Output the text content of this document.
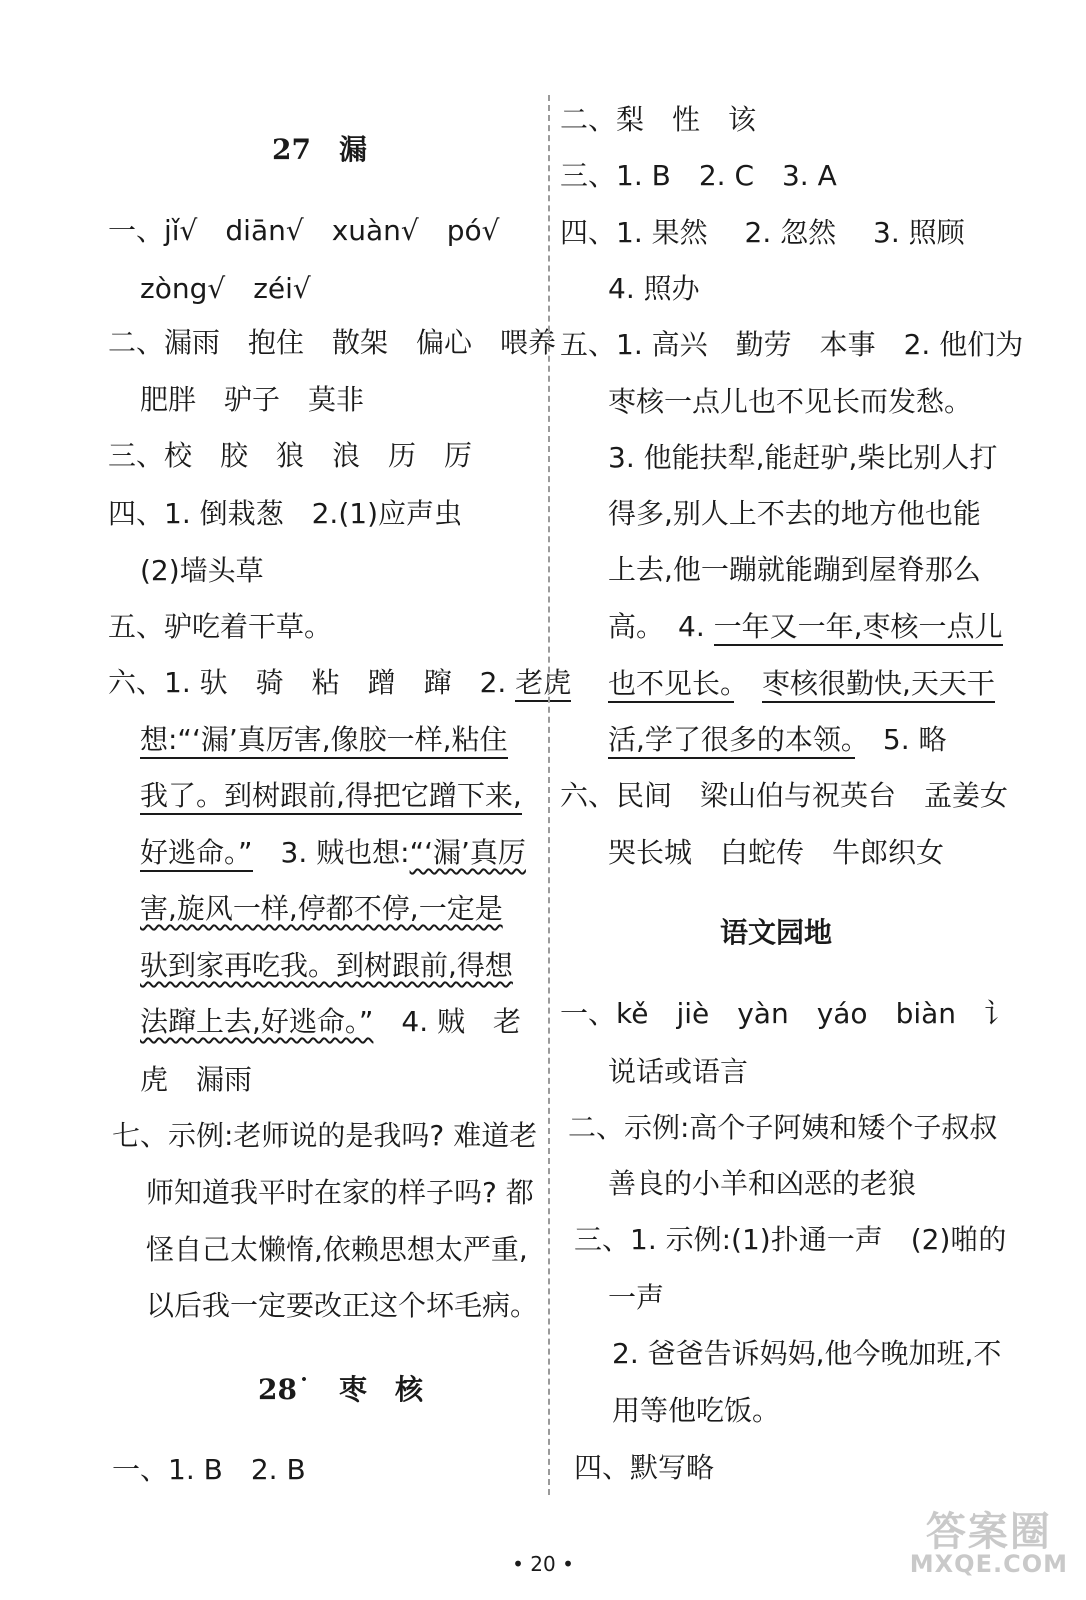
27　漏
一、jǐ√　diān√　xuàn√　pó√
zòng√　zéi√
二、漏雨　抱住　散架　偏心　喂养
肥胖　驴子　莫非
三、校　胶　狼　浪　历　厉
四、1. 倒栽葱　2.(1)应声虫
(2)墙头草
五、驴吃着干草。
六、1. 驮　骑　粘　蹭　蹿　2. 老虎
想:“‘漏’真厉害,像胶一样,粘住
我了。到树跟前,得把它蹭下来,
好逃命。”　3. 贼也想:“‘漏’真厉
害,旋风一样,停都不停,一定是
驮到家再吃我。到树跟前,得想
法蹿上去,好逃命。”　4. 贼　老
虎　漏雨
七、示例:老师说的是我吗? 难道老
师知道我平时在家的样子吗? 都
怪自己太懒惰,依赖思想太严重,
以后我一定要改正这个坏毛病。
28˙　枣　核
一、1. B　2. B
二、梨　性　该
三、1. B　2. C　3. A
四、1. 果然　 2. 忽然　 3. 照顾
4. 照办
五、1. 高兴　勤劳　本事　2. 他们为
枣核一点儿也不见长而发愁。
3. 他能扶犁,能赶驴,柴比别人打
得多,别人上不去的地方他也能
上去,他一蹦就能蹦到屋脊那么
高。　4. 一年又一年,枣核一点儿
也不见长。　 枣核很勤快,天天干
活,学了很多的本领。　5. 略
六、民间　梁山伯与祝英台　孟姜女
哭长城　白蛇传　牛郎织女
语文园地
一、kě　jiè　yàn　yáo　biàn　讠
说话或语言
二、示例:高个子阿姨和矮个子叔叔
善良的小羊和凶恶的老狼
三、1. 示例:(1)扑通一声　(2)啪的
一声
2. 爸爸告诉妈妈,他今晚加班,不
用等他吃饭。
四、默写略
• 20 •
答案圈
MXQE.COM
